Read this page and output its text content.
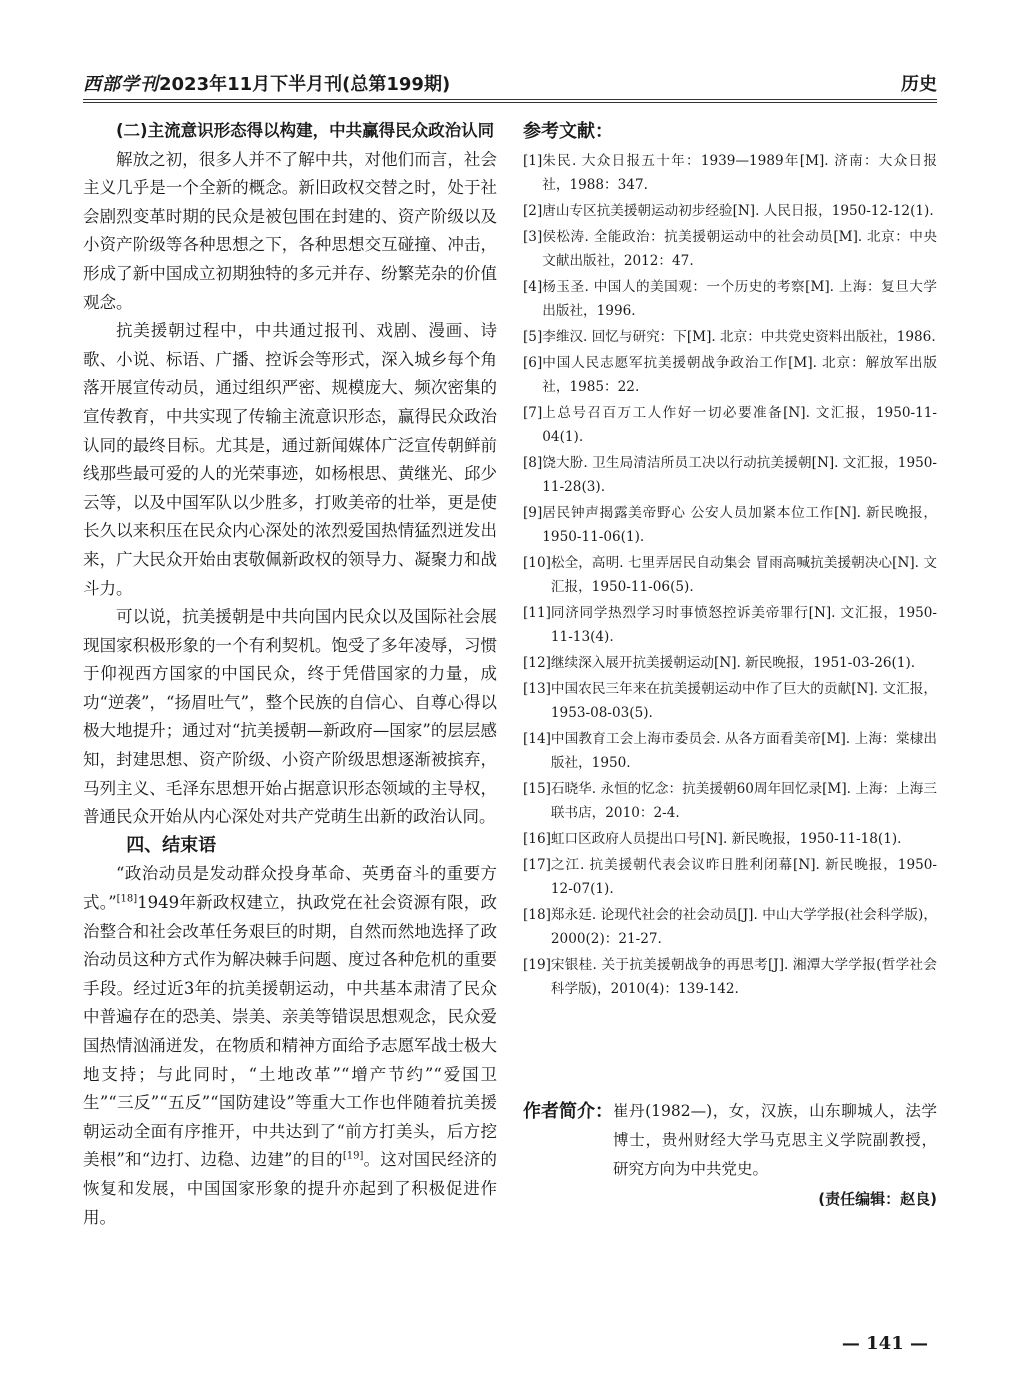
西部学刊2023年11月下半月刊(总第199期)	历史
(二)主流意识形态得以构建，中共赢得民众政治认同

解放之初，很多人并不了解中共，对他们而言，社会主义几乎是一个全新的概念。新旧政权交替之时，处于社会剧烈变革时期的民众是被包围在封建的、资产阶级以及小资产阶级等各种思想之下，各种思想交互碰撞、冲击，形成了新中国成立初期独特的多元并存、纷繁芜杂的价值观念。

抗美援朝过程中，中共通过报刊、戏剧、漫画、诗歌、小说、标语、广播、控诉会等形式，深入城乡每个角落开展宣传动员，通过组织严密、规模庞大、频次密集的宣传教育，中共实现了传输主流意识形态，赢得民众政治认同的最终目标。尤其是，通过新闻媒体广泛宣传朝鲜前线那些最可爱的人的光荣事迹，如杨根思、黄继光、邱少云等，以及中国军队以少胜多，打败美帝的壮举，更是使长久以来积压在民众内心深处的浓烈爱国热情猛烈迸发出来，广大民众开始由衷敬佩新政权的领导力、凝聚力和战斗力。

可以说，抗美援朝是中共向国内民众以及国际社会展现国家积极形象的一个有利契机。饱受了多年凌辱，习惯于仰视西方国家的中国民众，终于凭借国家的力量，成功“逆袭”，“扬眉吐气”，整个民族的自信心、自尊心得以极大地提升；通过对“抗美援朝—新政府—国家”的层层感知，封建思想、资产阶级、小资产阶级思想逐渐被摈弃，马列主义、毛泽东思想开始占据意识形态领域的主导权，普通民众开始从内心深处对共产党萌生出新的政治认同。

四、结束语

“政治动员是发动群众投身革命、英勇奋斗的重要方式。”[18]1949年新政权建立，执政党在社会资源有限，政治整合和社会改革任务艰巨的时期，自然而然地选择了政治动员这种方式作为解决棘手问题、度过各种危机的重要手段。经过近3年的抗美援朝运动，中共基本肃清了民众中普遍存在的恐美、崇美、亲美等错误思想观念，民众爱国热情汹涌迸发，在物质和精神方面给予志愿军战士极大地支持；与此同时，“土地改革”“增产节约”“爱国卫生”“三反”“五反”“国防建设”等重大工作也伴随着抗美援朝运动全面有序推开，中共达到了“前方打美头，后方挖美根”和“边打、边稳、边建”的目的[19]。这对国民经济的恢复和发展，中国国家形象的提升亦起到了积极促进作用。

参考文献：
[1] 朱民. 大众日报五十年：1939—1989年[M]. 济南：大众日报社，1988：347.
[2] 唐山专区抗美援朝运动初步经验[N]. 人民日报，1950-12-12(1).
[3] 侯松涛. 全能政治：抗美援朝运动中的社会动员[M]. 北京：中央文献出版社，2012：47.
[4] 杨玉圣. 中国人的美国观：一个历史的考察[M]. 上海：复旦大学出版社，1996.
[5] 李维汉. 回忆与研究：下[M]. 北京：中共党史资料出版社，1986.
[6] 中国人民志愿军抗美援朝战争政治工作[M]. 北京：解放军出版社，1985：22.
[7] 上总号召百万工人作好一切必要准备[N]. 文汇报，1950-11-04(1).
[8] 饶大朌. 卫生局清洁所员工决以行动抗美援朝[N]. 文汇报，1950-11-28(3).
[9] 居民钟声揭露美帝野心 公安人员加紧本位工作[N]. 新民晚报，1950-11-06(1).
[10] 松全，高明. 七里弄居民自动集会 冒雨高喊抗美援朝决心[N]. 文汇报，1950-11-06(5).
[11] 同济同学热烈学习时事愤怒控诉美帝罪行[N]. 文汇报，1950-11-13(4).
[12] 继续深入展开抗美援朝运动[N]. 新民晚报，1951-03-26(1).
[13] 中国农民三年来在抗美援朝运动中作了巨大的贡献[N]. 文汇报，1953-08-03(5).
[14] 中国教育工会上海市委员会. 从各方面看美帝[M]. 上海：棠棣出版社，1950.
[15] 石晓华. 永恒的忆念：抗美援朝60周年回忆录[M]. 上海：上海三联书店，2010：2-4.
[16] 虹口区政府人员提出口号[N]. 新民晚报，1950-11-18(1).
[17] 之江. 抗美援朝代表会议昨日胜利闭幕[N]. 新民晚报，1950-12-07(1).
[18] 郑永廷. 论现代社会的社会动员[J]. 中山大学学报(社会科学版)，2000(2)：21-27.
[19] 宋银桂. 关于抗美援朝战争的再思考[J]. 湘潭大学学报(哲学社会科学版)，2010(4)：139-142.
作者简介： 崔丹(1982—)，女，汉族，山东聊城人，法学博士，贵州财经大学马克思主义学院副教授，研究方向为中共党史。
(责任编辑：赵良)
— 141 —
